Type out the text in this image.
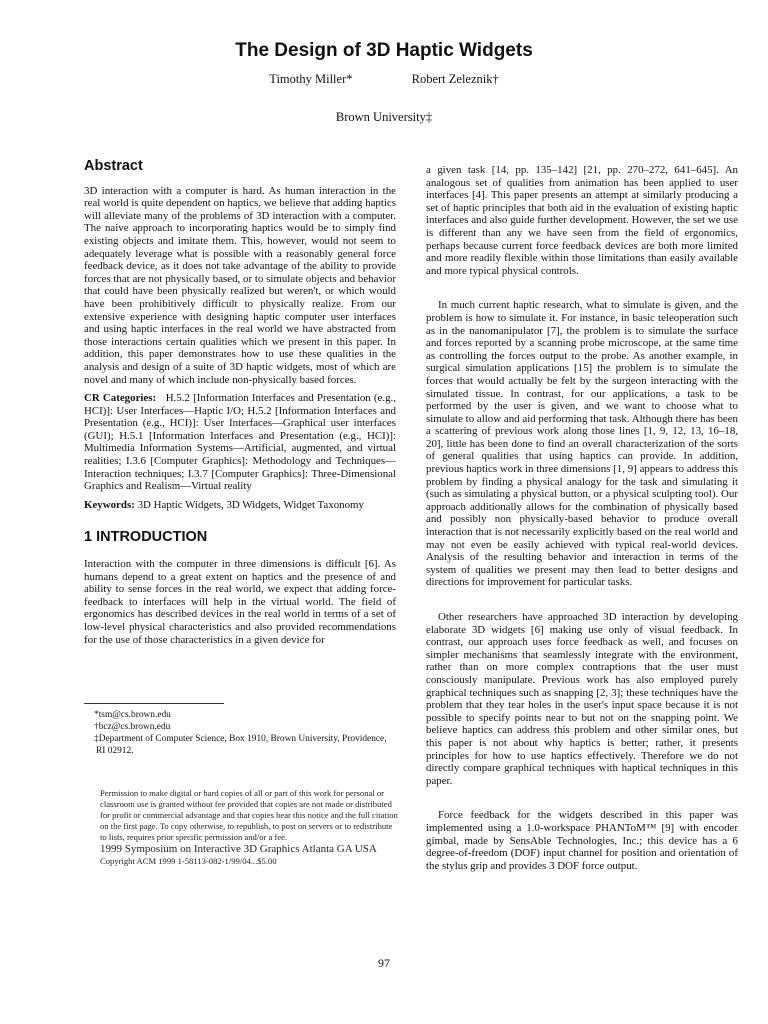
The Design of 3D Haptic Widgets
Timothy Miller*	Robert Zeleznik†
Brown University‡
Abstract

3D interaction with a computer is hard. As human interaction in the real world is quite dependent on haptics, we believe that adding haptics will alleviate many of the problems of 3D interaction with a computer. The naive approach to incorporating haptics would be to simply find existing objects and imitate them. This, however, would not seem to adequately leverage what is possible with a reasonably general force feedback device, as it does not take advantage of the ability to provide forces that are not physically based, or to simulate objects and behavior that could have been physically realized but weren't, or which would have been prohibitively difficult to physically realize. From our extensive experience with designing haptic computer user interfaces and using haptic interfaces in the real world we have abstracted from those interactions certain qualities which we present in this paper. In addition, this paper demonstrates how to use these qualities in the analysis and design of a suite of 3D haptic widgets, most of which are novel and many of which include non-physically based forces.

CR Categories: H.5.2 [Information Interfaces and Presentation (e.g., HCI)]: User Interfaces—Haptic I/O; H.5.2 [Information Interfaces and Presentation (e.g., HCI)]: User Interfaces—Graphical user interfaces (GUI); H.5.1 [Information Interfaces and Presentation (e.g., HCI)]: Multimedia Information Systems—Artificial, augmented, and virtual realities; I.3.6 [Computer Graphics]: Methodology and Techniques—Interaction techniques; I.3.7 [Computer Graphics]: Three-Dimensional Graphics and Realism—Virtual reality

Keywords: 3D Haptic Widgets, 3D Widgets, Widget Taxonomy

1 INTRODUCTION

Interaction with the computer in three dimensions is difficult [6]. As humans depend to a great extent on haptics and the presence of and ability to sense forces in the real world, we expect that adding force-feedback to interfaces will help in the virtual world. The field of ergonomics has described devices in the real world in terms of a set of low-level physical characteristics and also provided recommendations for the use of those characteristics in a given device for

*tsm@cs.brown.edu

†bcz@cs.brown.edu

‡Department of Computer Science, Box 1910, Brown University, Providence, RI 02912.

Permission to make digital or hard copies of all or part of this work for personal or classroom use is granted without fee provided that copies are not made or distributed for profit or commercial advantage and that copies bear this notice and the full citation on the first page. To copy otherwise, to republish, to post on servers or to redistribute to lists, requires prior specific permission and/or a fee.
1999 Symposium on Interactive 3D Graphics Atlanta GA USA
Copyright ACM 1999 1-58113-082-1/99/04...$5.00

a given task [14, pp. 135–142] [21, pp. 270–272, 641–645]. An analogous set of qualities from animation has been applied to user interfaces [4]. This paper presents an attempt at similarly producing a set of haptic principles that both aid in the evaluation of existing haptic interfaces and also guide further development. However, the set we use is different than any we have seen from the field of ergonomics, perhaps because current force feedback devices are both more limited and more readily flexible within those limitations than easily available and more typical physical controls.

In much current haptic research, what to simulate is given, and the problem is how to simulate it. For instance, in basic teleoperation such as in the nanomanipulator [7], the problem is to simulate the surface and forces reported by a scanning probe microscope, at the same time as controlling the forces output to the probe. As another example, in surgical simulation applications [15] the problem is to simulate the forces that would actually be felt by the surgeon interacting with the simulated tissue. In contrast, for our applications, a task to be performed by the user is given, and we want to choose what to simulate to allow and aid performing that task. Although there has been a scattering of previous work along those lines [1, 9, 12, 13, 16–18, 20], little has been done to find an overall characterization of the sorts of general qualities that using haptics can provide. In addition, previous haptics work in three dimensions [1, 9] appears to address this problem by finding a physical analogy for the task and simulating it (such as simulating a physical button, or a physical sculpting tool). Our approach additionally allows for the combination of physically based and possibly non physically-based behavior to produce overall interaction that is not necessarily explicitly based on the real world and may not even be easily achieved with typical real-world devices. Analysis of the resulting behavior and interaction in terms of the system of qualities we present may then lead to better designs and directions for improvement for particular tasks.

Other researchers have approached 3D interaction by developing elaborate 3D widgets [6] making use only of visual feedback. In contrast, our approach uses force feedback as well, and focuses on simpler mechanisms that seamlessly integrate with the environment, rather than on more complex contraptions that the user must consciously manipulate. Previous work has also employed purely graphical techniques such as snapping [2, 3]; these techniques have the problem that they tear holes in the user's input space because it is not possible to specify points near to but not on the snapping point. We believe haptics can address this problem and other similar ones, but this paper is not about why haptics is better; rather, it presents principles for how to use haptics effectively. Therefore we do not directly compare graphical techniques with haptical techniques in this paper.

Force feedback for the widgets described in this paper was implemented using a 1.0-workspace PHANToM™ [9] with encoder gimbal, made by SensAble Technologies, Inc.; this device has a 6 degree-of-freedom (DOF) input channel for position and orientation of the stylus grip and provides 3 DOF force output.

97
